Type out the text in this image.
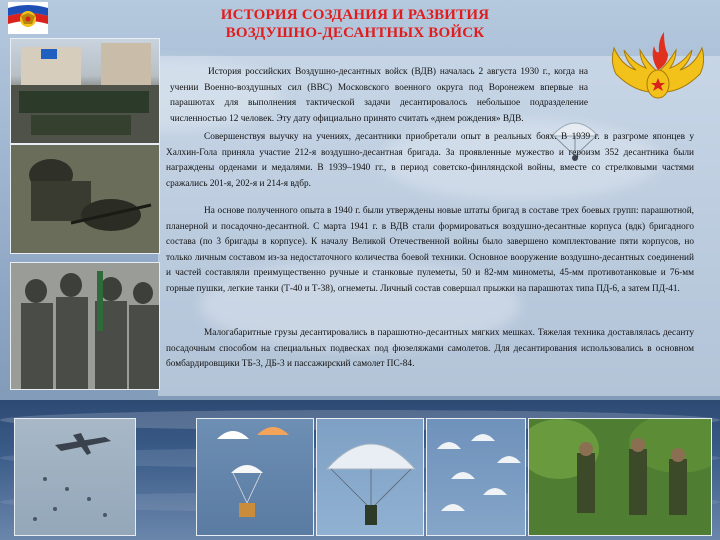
ИСТОРИЯ СОЗДАНИЯ И РАЗВИТИЯ
ВОЗДУШНО-ДЕСАНТНЫХ ВОЙСК

История российских Воздушно-десантных войск (ВДВ) началась 2 августа 1930 г., когда на учении Военно-воздушных сил (ВВС) Московского военного округа под Воронежем впервые на парашютах для выполнения тактической задачи десантировалось небольшое подразделение численностью 12 человек. Эту дату официально принято считать «днем рождения» ВДВ.

Совершенствуя выучку на учениях, десантники приобретали опыт в реальных боях. В 1939 г. в разгроме японцев у Халхин-Гола приняла участие 212-я воздушно-десантная бригада. За проявленные мужество и героизм 352 десантника были награждены орденами и медалями. В 1939–1940 гг., в период советско-финляндской войны, вместе со стрелковыми частями сражались 201-я, 202-я и 214-я вдбр.

На основе полученного опыта в 1940 г. были утверждены новые штаты бригад в составе трех боевых групп: парашютной, планерной и посадочно-десантной. С марта 1941 г. в ВДВ стали формироваться воздушно-десантные корпуса (вдк) бригадного состава (по 3 бригады в корпусе). К началу Великой Отечественной войны было завершено комплектование пяти корпусов, но только личным составом из-за недостаточного количества боевой техники. Основное вооружение воздушно-десантных соединений и частей составляли преимущественно ручные и станковые пулеметы, 50 и 82-мм минометы, 45-мм противотанковые и 76-мм горные пушки, легкие танки (Т-40 и Т-38), огнеметы. Личный состав совершал прыжки на парашютах типа ПД-6, а затем ПД-41.

Малогабаритные грузы десантировались в парашютно-десантных мягких мешках. Тяжелая техника доставлялась десанту посадочным способом на специальных подвесках под фюзеляжами самолетов. Для десантирования использовались в основном бомбардировщики ТБ-3, ДБ-3 и пассажирский самолет ПС-84.
